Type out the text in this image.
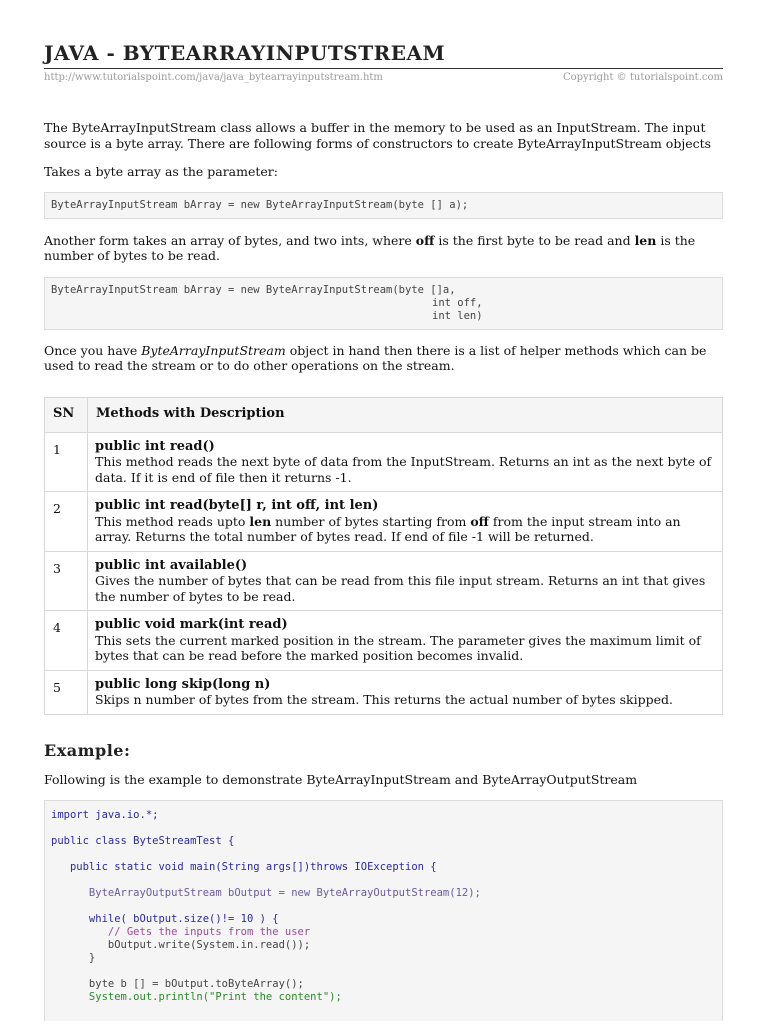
JAVA - BYTEARRAYINPUTSTREAM
http://www.tutorialspoint.com/java/java_bytearrayinputstream.htm	Copyright © tutorialspoint.com

The ByteArrayInputStream class allows a buffer in the memory to be used as an InputStream. The input source is a byte array. There are following forms of constructors to create ByteArrayInputStream objects

Takes a byte array as the parameter:

ByteArrayInputStream bArray = new ByteArrayInputStream(byte [] a);

Another form takes an array of bytes, and two ints, where off is the first byte to be read and len is the number of bytes to be read.

ByteArrayInputStream bArray = new ByteArrayInputStream(byte []a,
int off,
int len)

Once you have ByteArrayInputStream object in hand then there is a list of helper methods which can be used to read the stream or to do other operations on the stream.

SN	Methods with Description
1	public int read()
This method reads the next byte of data from the InputStream. Returns an int as the next byte of data. If it is end of file then it returns -1.

2	public int read(byte[] r, int off, int len)
This method reads upto len number of bytes starting from off from the input stream into an array. Returns the total number of bytes read. If end of file -1 will be returned.

3	public int available()
Gives the number of bytes that can be read from this file input stream. Returns an int that gives the number of bytes to be read.

4	public void mark(int read)
This sets the current marked position in the stream. The parameter gives the maximum limit of bytes that can be read before the marked position becomes invalid.

5	public long skip(long n)
Skips n number of bytes from the stream. This returns the actual number of bytes skipped.
Example:

Following is the example to demonstrate ByteArrayInputStream and ByteArrayOutputStream

import java.io.*;

public class ByteStreamTest {

public static void main(String args[])throws IOException {

ByteArrayOutputStream bOutput = new ByteArrayOutputStream(12);

while( bOutput.size()!= 10 ) {
// Gets the inputs from the user
bOutput.write(System.in.read());
}

byte b [] = bOutput.toByteArray();
System.out.println("Print the content");
